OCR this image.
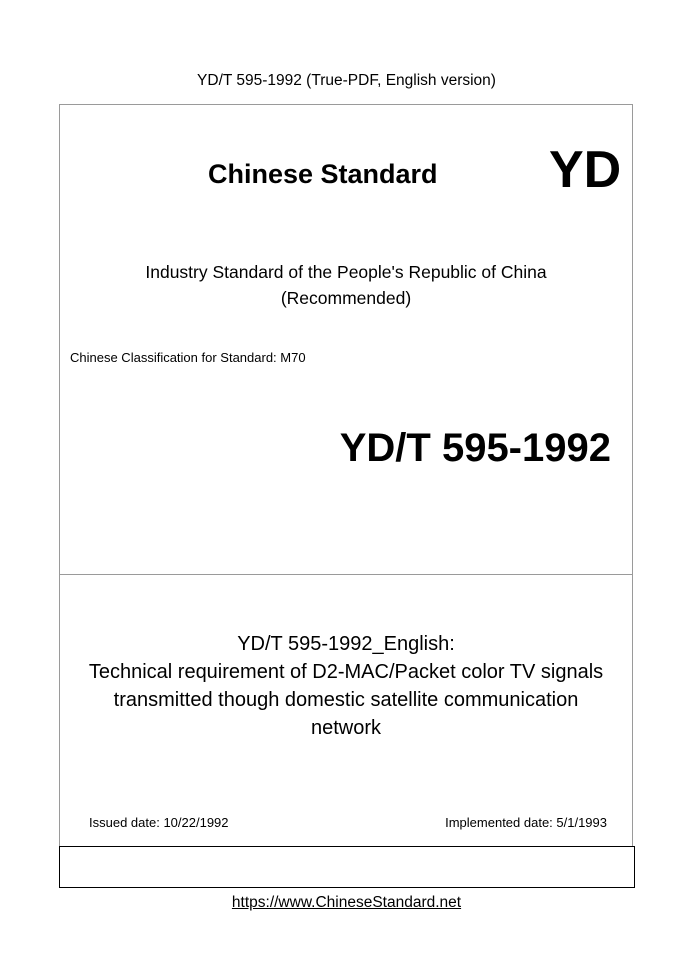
YD/T 595-1992 (True-PDF, English version)
Chinese Standard YD
Industry Standard of the People's Republic of China
(Recommended)
Chinese Classification for Standard: M70
YD/T 595-1992
YD/T 595-1992_English:
Technical requirement of D2-MAC/Packet color TV signals
transmitted though domestic satellite communication
network
Issued date: 10/22/1992	Implemented date: 5/1/1993
https://www.ChineseStandard.net
